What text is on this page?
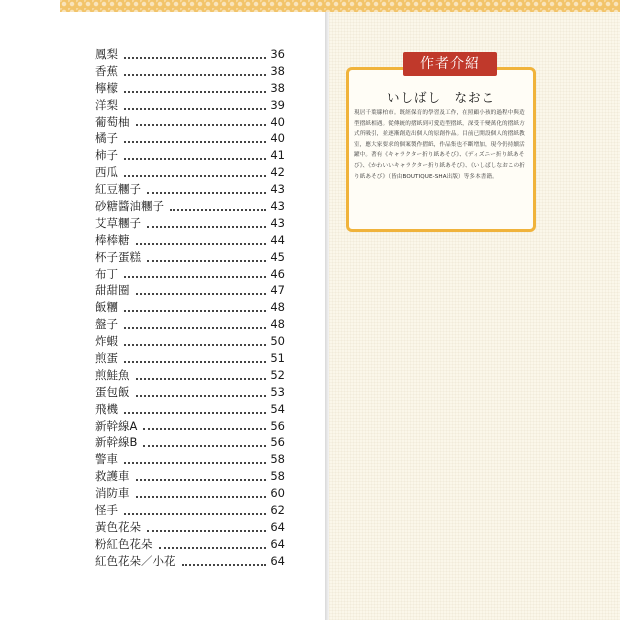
鳳梨	36
香蕉	38
檸檬	38
洋梨	39
葡萄柚	40
橘子	40
柿子	41
西瓜	42
紅豆糰子	43
砂糖醬油糰子	43
艾草糰子	43
棒棒糖	44
杯子蛋糕	45
布丁	46
甜甜圈	47
飯糰	48
盤子	48
炸蝦	50
煎蛋	51
煎鮭魚	52
蛋包飯	53
飛機	54
新幹線A	56
新幹線B	56
警車	58
救護車	58
消防車	60
怪手	62
黃色花朵	64
粉紅色花朵	64
紅色花朵／小花	64
作者介紹
いしばし　なおこ
現居千葉縣柏市。既經保育的學習及工作，在照顧小孩的過程中與造型摺紙相遇。從傳統的摺紙到可愛造型摺紙，深受千變萬化的摺紙方式所吸引，並逐漸創造出個人的原創作品。目前已開設個人的摺紙教室，應大家要求的個案製作摺紙，作品集也不斷增加，現今仍持續活躍中。著有《キャラクター折り紙あそび》、《ディズニー折り紙あそび》、《かわいいキャラクター折り紙あそび》、《いしばしなおこの折り紙あそび》（皆由BOUTIQUE-SHA出版）等多本書籍。
